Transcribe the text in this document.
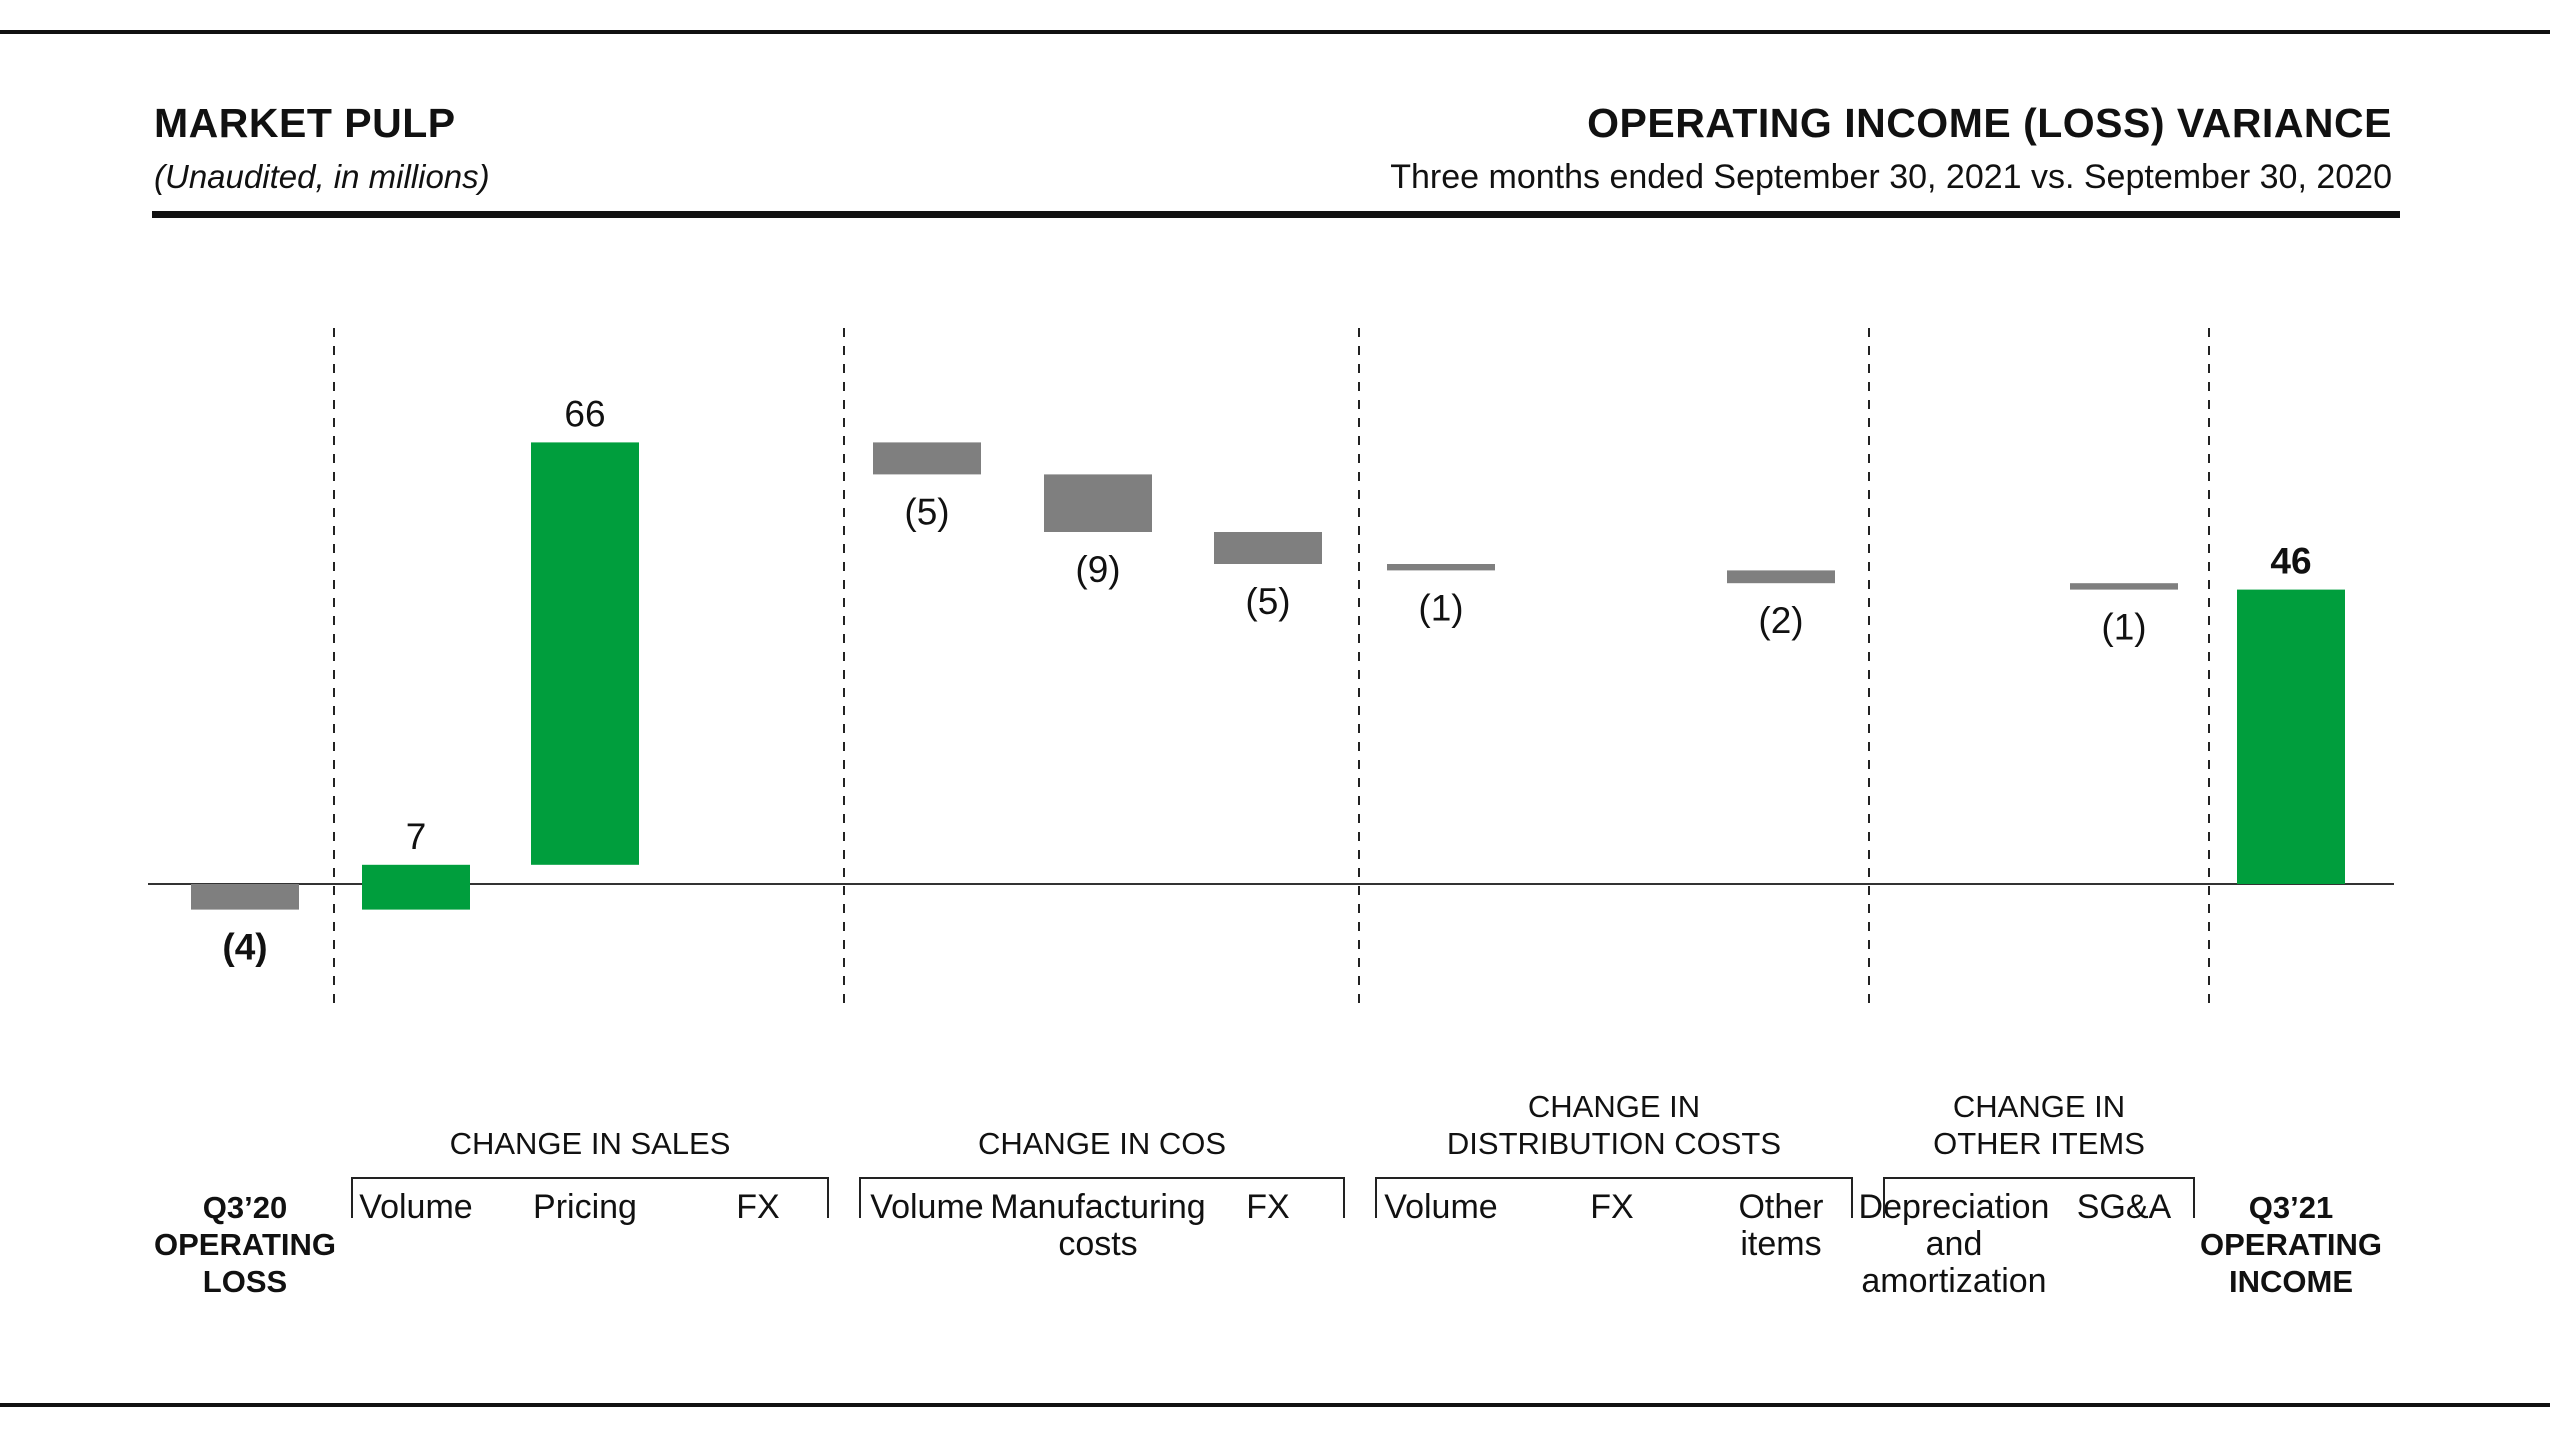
MARKET PULP
(Unaudited, in millions)
OPERATING INCOME (LOSS) VARIANCE
Three months ended September 30, 2021 vs. September 30, 2020
(4)
7
66
(5)
(9)
(5)	(1)	(2)	(1)
46
Q3’20
OPERATING
LOSS
Q3’21
OPERATING
INCOME
Volume Pricing	FX	Volume Manufacturing
costs
FX	Volume	FX	Other
items
Depreciation
and
amortization
SG&A
CHANGE IN SALES	CHANGE IN COS
CHANGE IN
DISTRIBUTION COSTS
CHANGE IN
OTHER ITEMS
